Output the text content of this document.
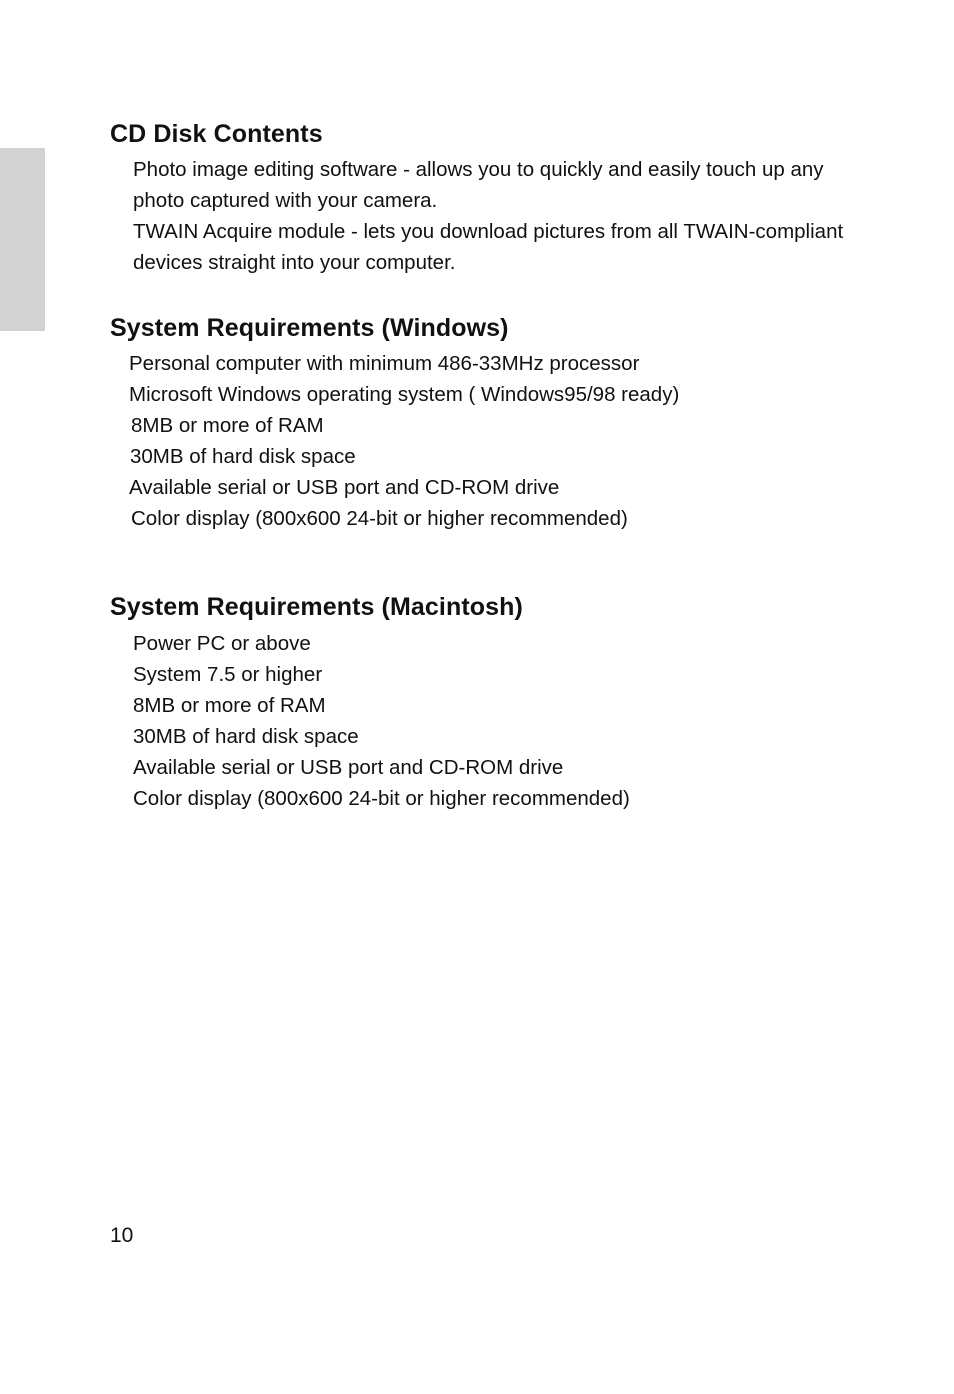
CD Disk Contents
Photo image editing software - allows you to quickly and easily touch up any photo captured with your camera.
TWAIN Acquire module - lets you download pictures from all TWAIN-compliant devices straight into your computer.
System Requirements (Windows)
Personal computer with minimum 486-33MHz processor
Microsoft Windows operating system ( Windows95/98 ready)
8MB or more of RAM
30MB of hard disk space
Available serial or USB port and CD-ROM drive
Color display (800x600 24-bit or higher recommended)
System Requirements (Macintosh)
Power PC or above
System 7.5 or higher
8MB or more of RAM
30MB of hard disk space
Available serial or USB port and CD-ROM drive
Color display (800x600 24-bit or higher recommended)
10
